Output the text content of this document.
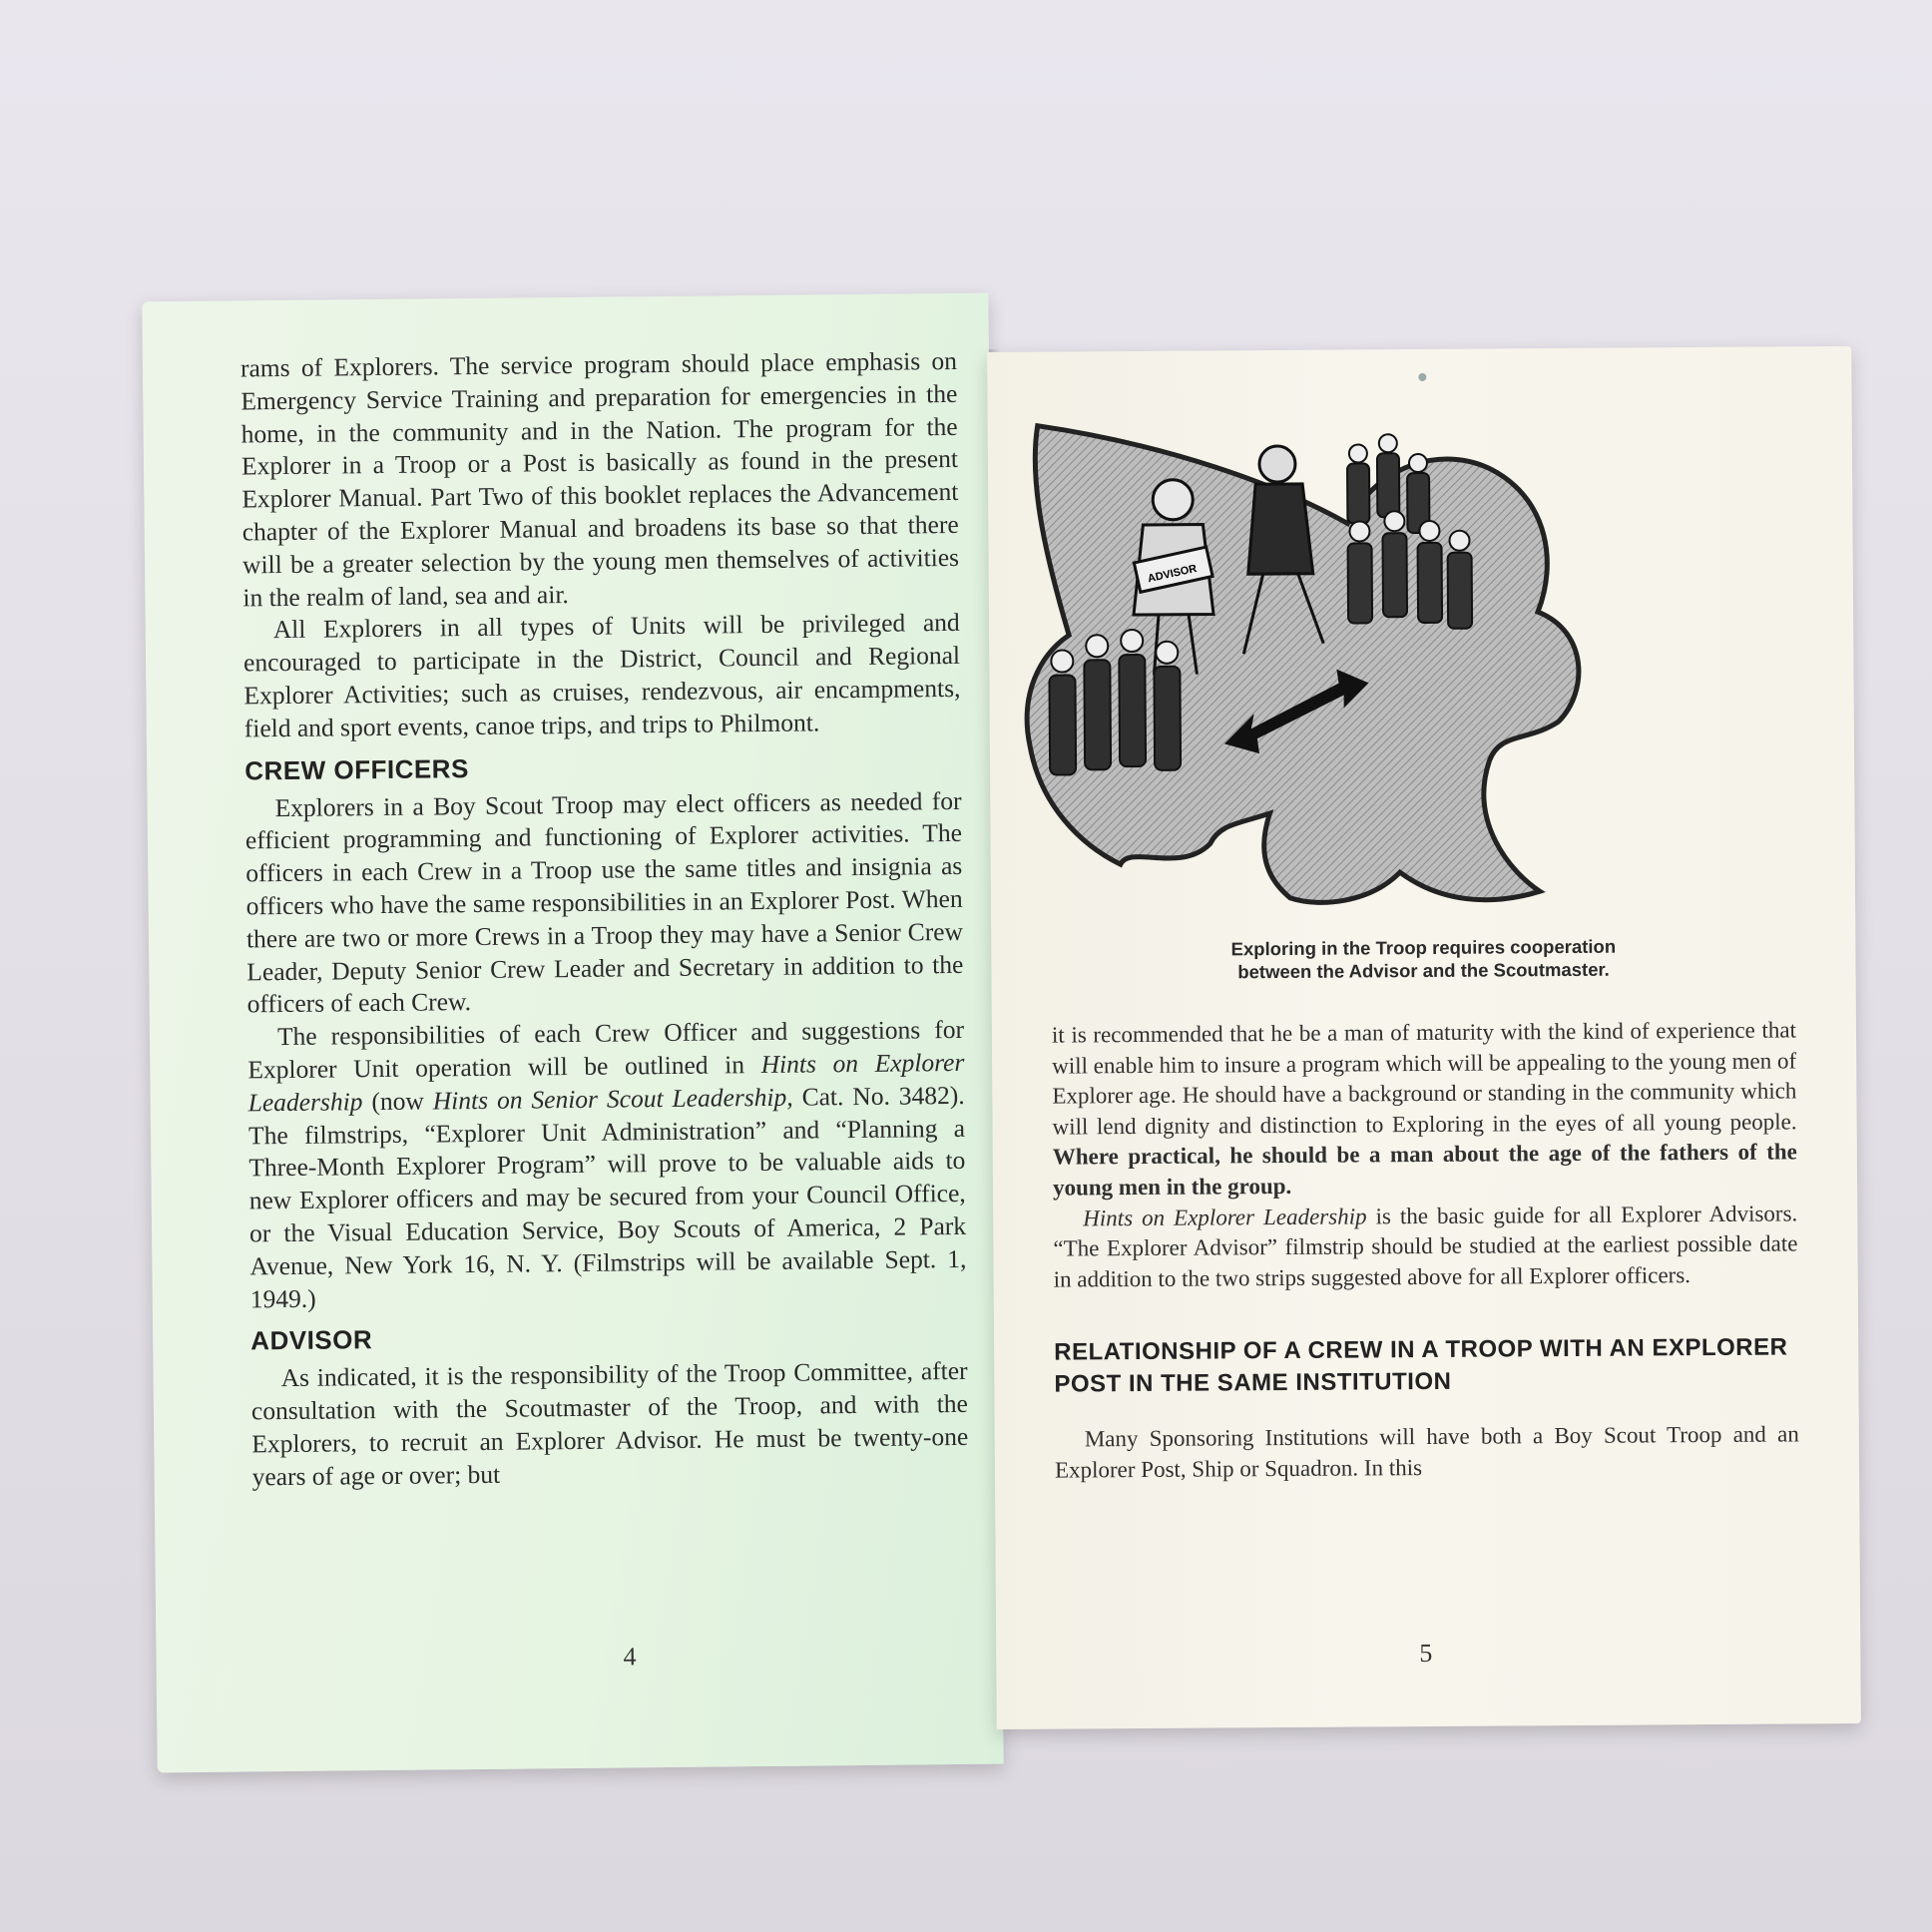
rams of Explorers. The service program should place emphasis on Emergency Service Training and preparation for emergencies in the home, in the community and in the Nation. The program for the Explorer in a Troop or a Post is basically as found in the present Explorer Manual. Part Two of this booklet replaces the Advancement chapter of the Explorer Manual and broadens its base so that there will be a greater selection by the young men themselves of activities in the realm of land, sea and air.

All Explorers in all types of Units will be privileged and encouraged to participate in the District, Council and Regional Explorer Activities; such as cruises, rendezvous, air encampments, field and sport events, canoe trips, and trips to Philmont.

CREW OFFICERS

Explorers in a Boy Scout Troop may elect officers as needed for efficient programming and functioning of Explorer activities. The officers in each Crew in a Troop use the same titles and insignia as officers who have the same responsibilities in an Explorer Post. When there are two or more Crews in a Troop they may have a Senior Crew Leader, Deputy Senior Crew Leader and Secretary in addition to the officers of each Crew.

The responsibilities of each Crew Officer and suggestions for Explorer Unit operation will be outlined in Hints on Explorer Leadership (now Hints on Senior Scout Leadership, Cat. No. 3482). The filmstrips, “Explorer Unit Administration” and “Planning a Three-Month Explorer Program” will prove to be valuable aids to new Explorer officers and may be secured from your Council Office, or the Visual Education Service, Boy Scouts of America, 2 Park Avenue, New York 16, N. Y. (Filmstrips will be available Sept. 1, 1949.)

ADVISOR

As indicated, it is the responsibility of the Troop Committee, after consultation with the Scoutmaster of the Troop, and with the Explorers, to recruit an Explorer Advisor. He must be twenty-one years of age or over; but

4
ADVISOR
Exploring in the Troop requires cooperation
between the Advisor and the Scoutmaster.

it is recommended that he be a man of maturity with the kind of experience that will enable him to insure a program which will be appealing to the young men of Explorer age. He should have a background or standing in the community which will lend dignity and distinction to Exploring in the eyes of all young people. Where practical, he should be a man about the age of the fathers of the young men in the group.

Hints on Explorer Leadership is the basic guide for all Explorer Advisors. “The Explorer Advisor” filmstrip should be studied at the earliest possible date in addition to the two strips suggested above for all Explorer officers.

RELATIONSHIP OF A CREW IN A TROOP WITH AN EXPLORER POST IN THE SAME INSTITUTION

Many Sponsoring Institutions will have both a Boy Scout Troop and an Explorer Post, Ship or Squadron. In this

5
